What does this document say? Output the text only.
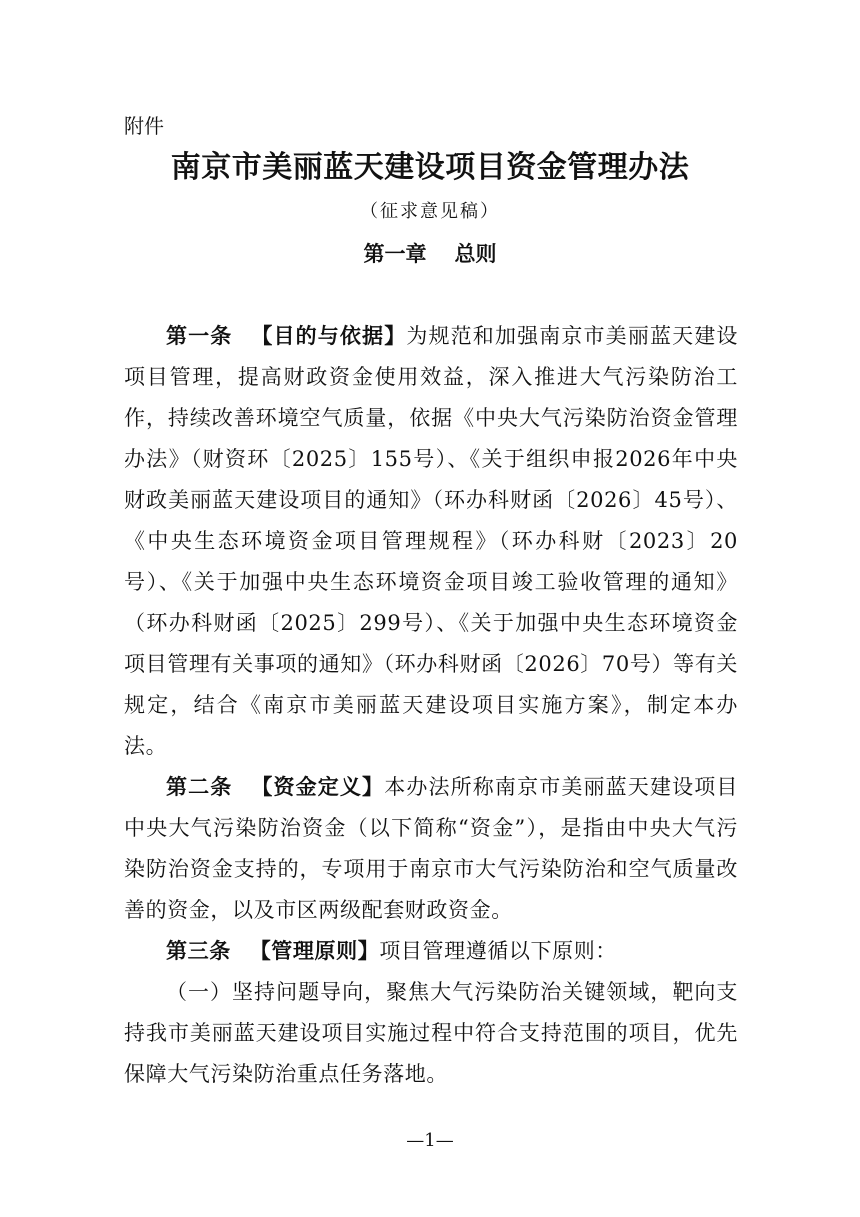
附件
南京市美丽蓝天建设项目资金管理办法
（征求意见稿）
第一章 总则

第一条 【目的与依据】为规范和加强南京市美丽蓝天建设项目管理，提高财政资金使用效益，深入推进大气污染防治工作，持续改善环境空气质量，依据《中央大气污染防治资金管理办法》（财资环〔2025〕155号）、《关于组织申报2026年中央财政美丽蓝天建设项目的通知》（环办科财函〔2026〕45号）、《中央生态环境资金项目管理规程》（环办科财〔2023〕20号）、《关于加强中央生态环境资金项目竣工验收管理的通知》（环办科财函〔2025〕299号）、《关于加强中央生态环境资金项目管理有关事项的通知》（环办科财函〔2026〕70号）等有关规定，结合《南京市美丽蓝天建设项目实施方案》，制定本办法。

第二条 【资金定义】本办法所称南京市美丽蓝天建设项目中央大气污染防治资金（以下简称“资金”），是指由中央大气污染防治资金支持的，专项用于南京市大气污染防治和空气质量改善的资金，以及市区两级配套财政资金。

第三条 【管理原则】项目管理遵循以下原则：

（一）坚持问题导向，聚焦大气污染防治关键领域，靶向支持我市美丽蓝天建设项目实施过程中符合支持范围的项目，优先保障大气污染防治重点任务落地。

—1—
